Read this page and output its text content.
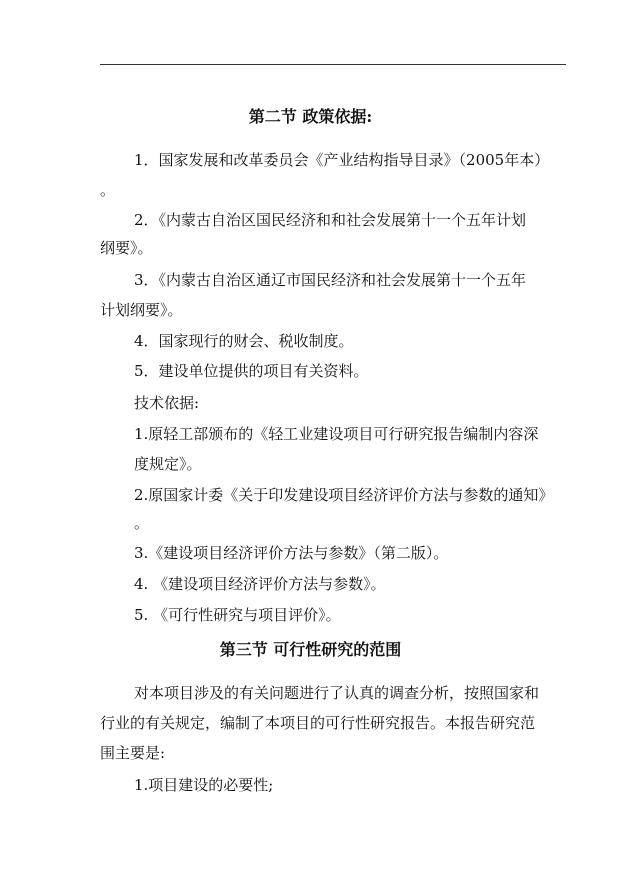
第二节 政策依据:
1．国家发展和改革委员会《产业结构指导目录》（2005年本）
。
2．《内蒙古自治区国民经济和和社会发展第十一个五年计划
纲要》。
3．《内蒙古自治区通辽市国民经济和社会发展第十一个五年
计划纲要》。
4．国家现行的财会、税收制度。
5．建设单位提供的项目有关资料。
技术依据:
1.原轻工部颁布的《轻工业建设项目可行研究报告编制内容深
度规定》。
2.原国家计委《关于印发建设项目经济评价方法与参数的通知》
。
3.《建设项目经济评价方法与参数》（第二版）。
4. 《建设项目经济评价方法与参数》。
5. 《可行性研究与项目评价》。
第三节 可行性研究的范围
对本项目涉及的有关问题进行了认真的调查分析，按照国家和
行业的有关规定，编制了本项目的可行性研究报告。本报告研究范
围主要是:
1.项目建设的必要性;
